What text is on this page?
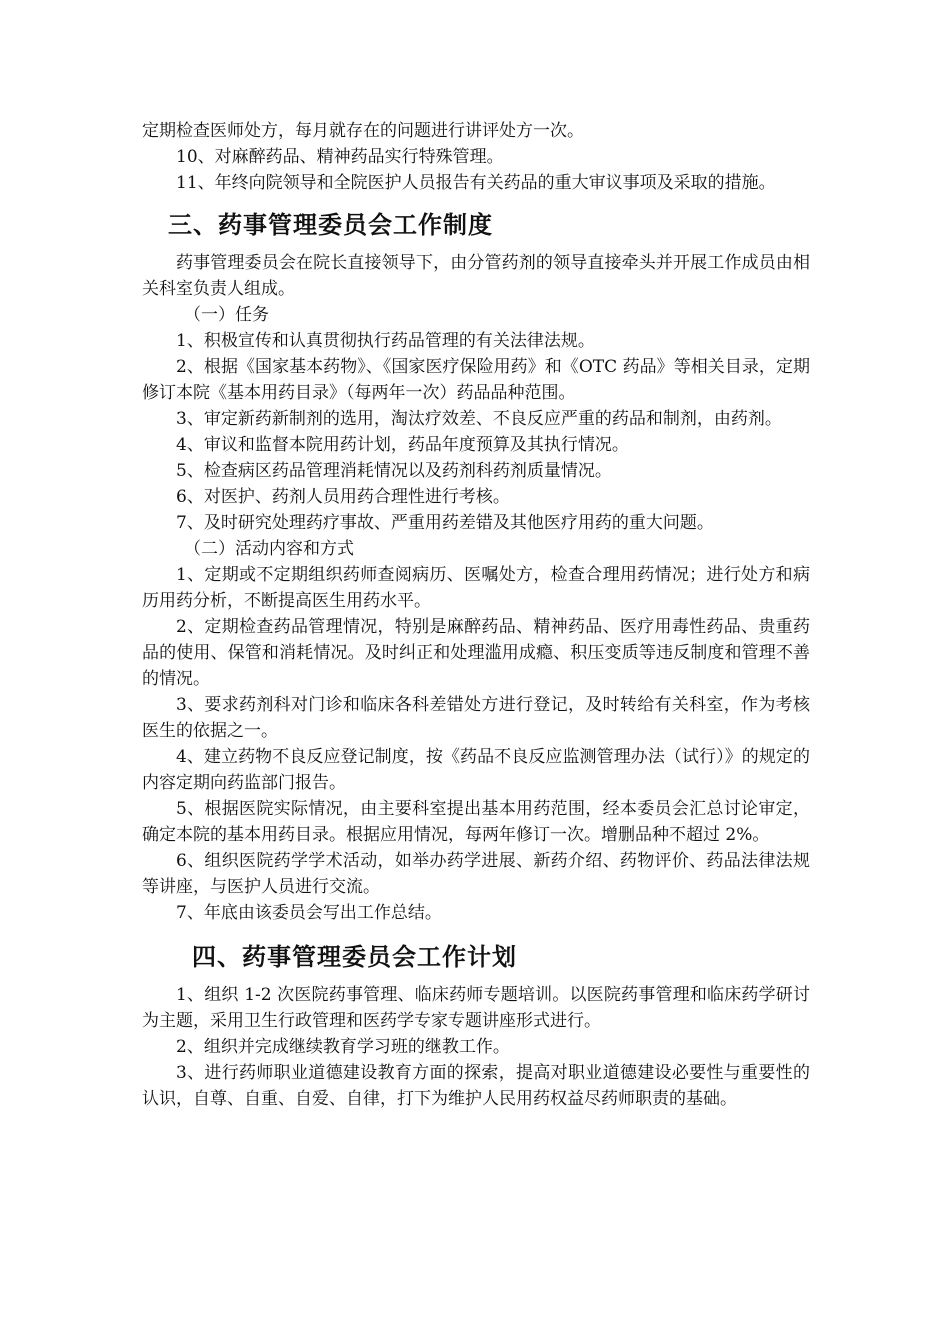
定期检查医师处方，每月就存在的问题进行讲评处方一次。

10、对麻醉药品、精神药品实行特殊管理。

11、年终向院领导和全院医护人员报告有关药品的重大审议事项及采取的措施。

三、药事管理委员会工作制度

药事管理委员会在院长直接领导下，由分管药剂的领导直接牵头并开展工作成员由相关科室负责人组成。

（一）任务

1、积极宣传和认真贯彻执行药品管理的有关法律法规。

2、根据《国家基本药物》、《国家医疗保险用药》和《OTC 药品》等相关目录，定期修订本院《基本用药目录》（每两年一次）药品品种范围。

3、审定新药新制剂的选用，淘汰疗效差、不良反应严重的药品和制剂，由药剂。

4、审议和监督本院用药计划，药品年度预算及其执行情况。

5、检查病区药品管理消耗情况以及药剂科药剂质量情况。

6、对医护、药剂人员用药合理性进行考核。

7、及时研究处理药疗事故、严重用药差错及其他医疗用药的重大问题。

（二）活动内容和方式

1、定期或不定期组织药师查阅病历、医嘱处方，检查合理用药情况；进行处方和病历用药分析，不断提高医生用药水平。

2、定期检查药品管理情况，特别是麻醉药品、精神药品、医疗用毒性药品、贵重药品的使用、保管和消耗情况。及时纠正和处理滥用成瘾、积压变质等违反制度和管理不善的情况。

3、要求药剂科对门诊和临床各科差错处方进行登记，及时转给有关科室，作为考核医生的依据之一。

4、建立药物不良反应登记制度，按《药品不良反应监测管理办法（试行）》的规定的内容定期向药监部门报告。

5、根据医院实际情况，由主要科室提出基本用药范围，经本委员会汇总讨论审定，确定本院的基本用药目录。根据应用情况，每两年修订一次。增删品种不超过 2%。

6、组织医院药学学术活动，如举办药学进展、新药介绍、药物评价、药品法律法规等讲座，与医护人员进行交流。

7、年底由该委员会写出工作总结。

四、药事管理委员会工作计划

1、组织 1-2 次医院药事管理、临床药师专题培训。以医院药事管理和临床药学研讨为主题，采用卫生行政管理和医药学专家专题讲座形式进行。

2、组织并完成继续教育学习班的继教工作。

3、进行药师职业道德建设教育方面的探索，提高对职业道德建设必要性与重要性的认识，自尊、自重、自爱、自律，打下为维护人民用药权益尽药师职责的基础。
